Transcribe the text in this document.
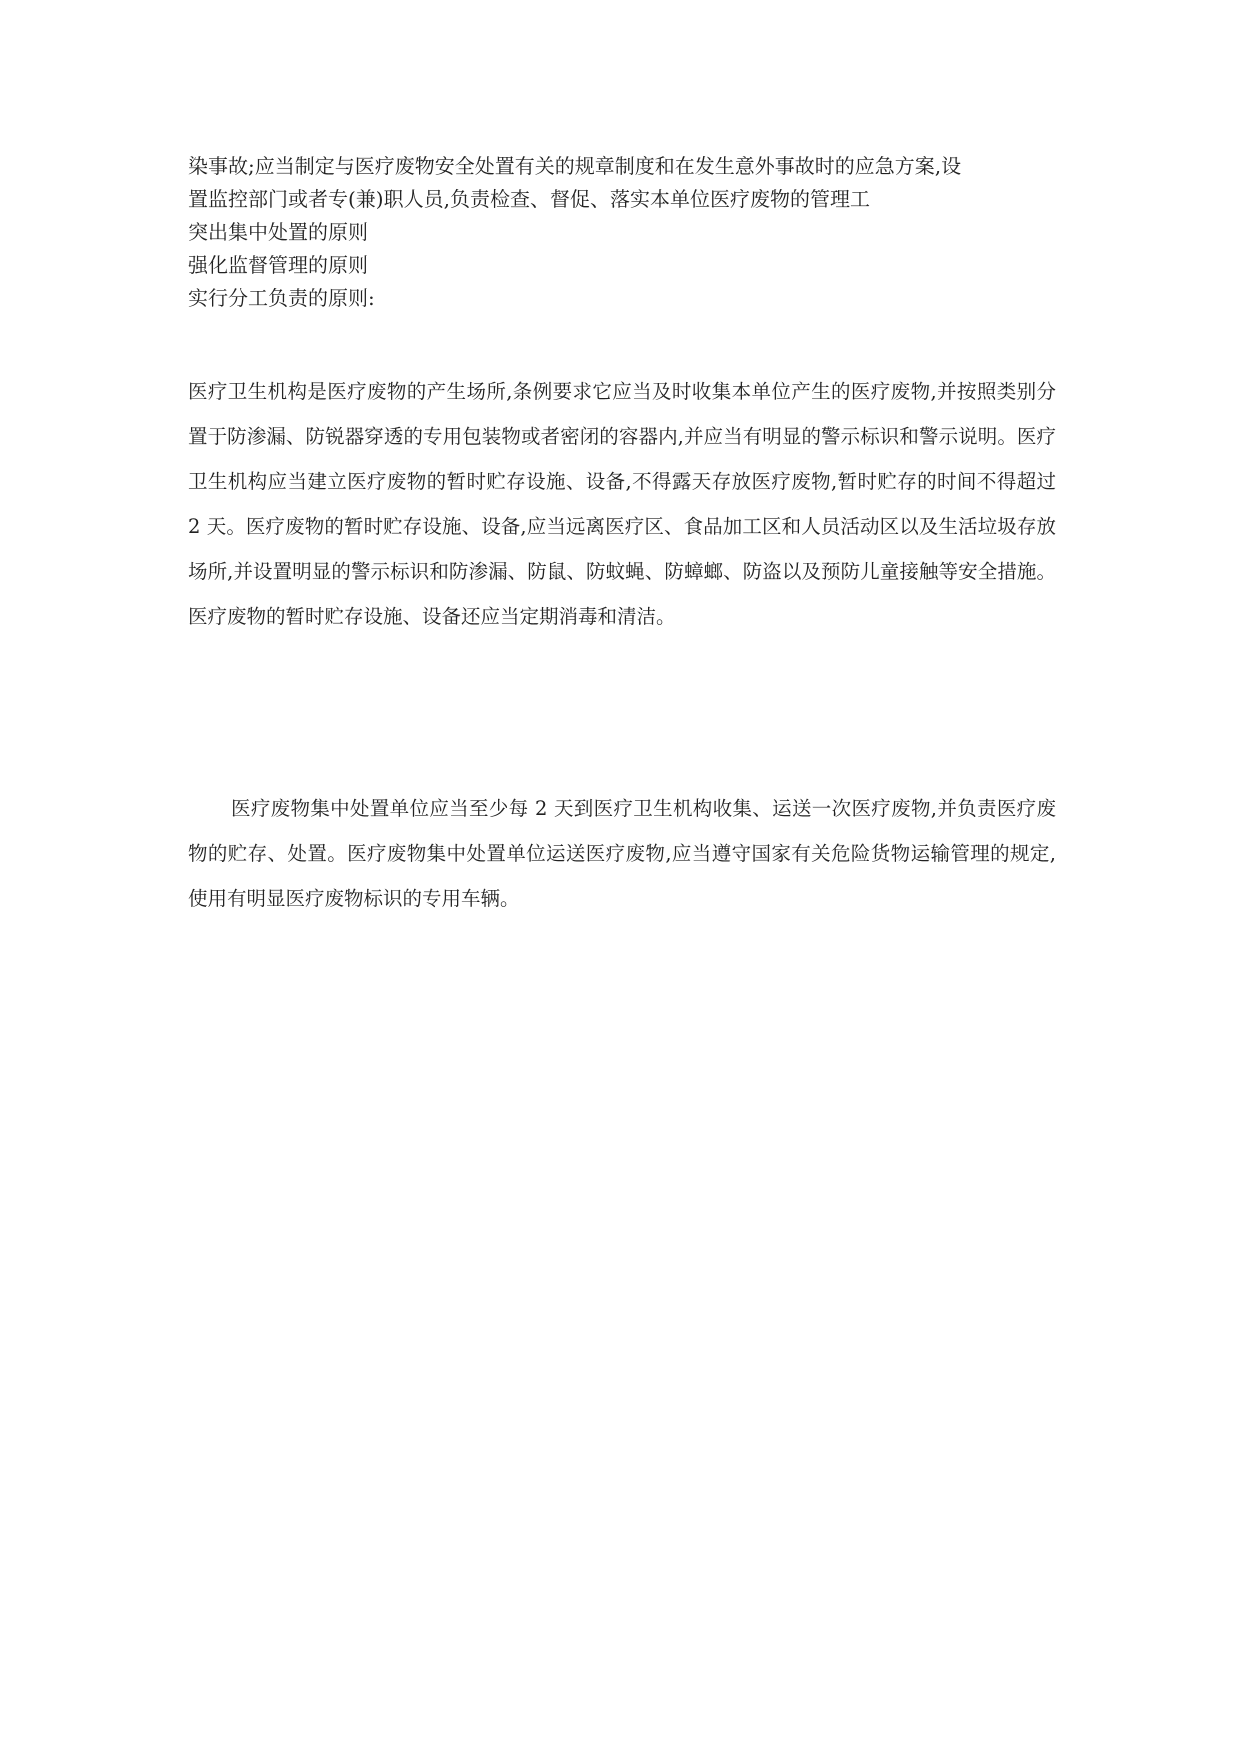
染事故;应当制定与医疗废物安全处置有关的规章制度和在发生意外事故时的应急方案,设
置监控部门或者专(兼)职人员,负责检查、督促、落实本单位医疗废物的管理工
突出集中处置的原则
强化监督管理的原则
实行分工负责的原则:

医疗卫生机构是医疗废物的产生场所,条例要求它应当及时收集本单位产生的医疗废物,并按照类别分置于防渗漏、防锐器穿透的专用包装物或者密闭的容器内,并应当有明显的警示标识和警示说明。医疗卫生机构应当建立医疗废物的暂时贮存设施、设备,不得露天存放医疗废物,暂时贮存的时间不得超过 2 天。医疗废物的暂时贮存设施、设备,应当远离医疗区、食品加工区和人员活动区以及生活垃圾存放场所,并设置明显的警示标识和防渗漏、防鼠、防蚊蝇、防蟑螂、防盗以及预防儿童接触等安全措施。医疗废物的暂时贮存设施、设备还应当定期消毒和清洁。

医疗废物集中处置单位应当至少每 2 天到医疗卫生机构收集、运送一次医疗废物,并负责医疗废物的贮存、处置。医疗废物集中处置单位运送医疗废物,应当遵守国家有关危险货物运输管理的规定,使用有明显医疗废物标识的专用车辆。
